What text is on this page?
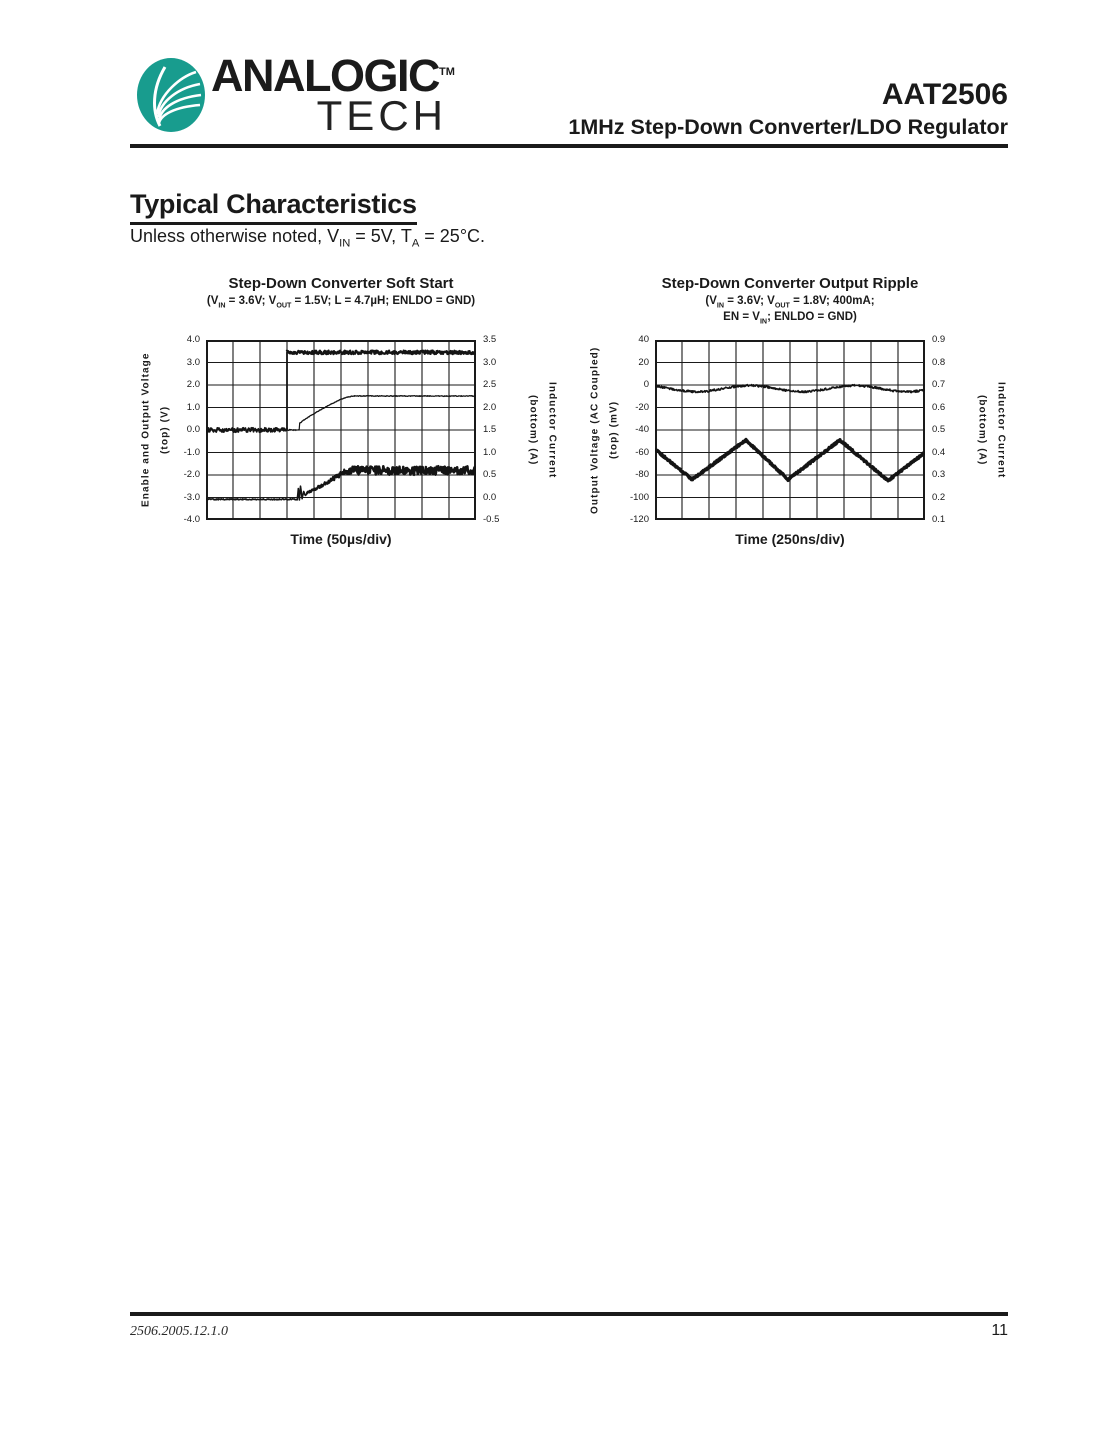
ANALOGIC™
TECH	AAT2506
1MHz Step-Down Converter/LDO Regulator
Typical Characteristics
Unless otherwise noted, $V_{IN} = 5V$, $T_A = 25^\circ C$.
Step-Down Converter Soft Start
($V_{IN} = 3.6V$; $V_{OUT} = 1.5V$; L = 4.7µH; ENLDO = GND)
Enable and Output Voltage (top) (V)	(bottom) (A) Inductor Current
Time (50µs/div)
4.0	3.5
3.0	3.0
2.0	2.5
1.0	2.0
0.0	1.5
-1.0	1.0
-2.0	0.5
-3.0	0.0
-4.0	-0.5
Step-Down Converter Output Ripple
($V_{IN} = 3.6V$; $V_{OUT} = 1.8V$; 400mA;
EN = $V_{IN}$; ENLDO = GND)
Output Voltage (AC Coupled) (top) (mV)	(bottom) (A) Inductor Current
Time (250ns/div)
40	0.9
20	0.8
0	0.7
-20	0.6
-40	0.5
-60	0.4
-80	0.3
-100	0.2
-120	0.1
2506.2005.12.1.0	11
